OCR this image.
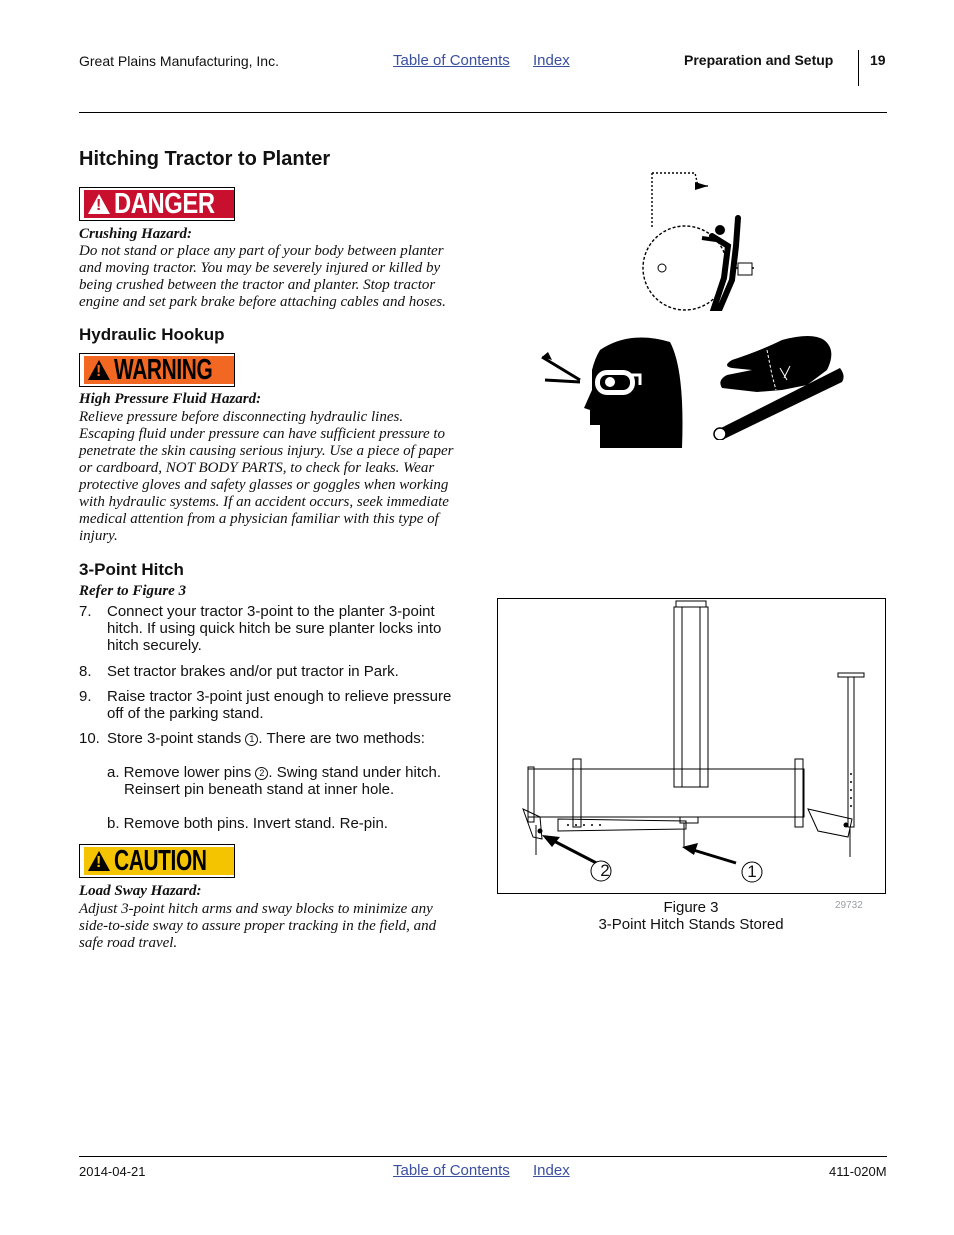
Great Plains Manufacturing, Inc.	Table of Contents Index	Preparation and Setup	19
Hitching Tractor to Planter
! DANGER
Crushing Hazard:
Do not stand or place any part of your body between planter
and moving tractor. You may be severely injured or killed by
being crushed between the tractor and planter. Stop tractor
engine and set park brake before attaching cables and hoses.
Hydraulic Hookup
! WARNING
High Pressure Fluid Hazard:
Relieve pressure before disconnecting hydraulic lines.
Escaping fluid under pressure can have sufficient pressure to
penetrate the skin causing serious injury. Use a piece of paper
or cardboard, NOT BODY PARTS, to check for leaks. Wear
protective gloves and safety glasses or goggles when working
with hydraulic systems. If an accident occurs, seek immediate
medical attention from a physician familiar with this type of
injury.
3-Point Hitch
Refer to Figure 3
7. Connect your tractor 3-point to the planter 3-point
hitch. If using quick hitch be sure planter locks into
hitch securely.
8. Set tractor brakes and/or put tractor in Park.
9. Raise tractor 3-point just enough to relieve pressure
off of the parking stand.
10. Store 3-point stands 1 . There are two methods:
a. Remove lower pins 2 . Swing stand under hitch.
Reinsert pin beneath stand at inner hole.
b. Remove both pins. Invert stand. Re-pin.
! CAUTION
Load Sway Hazard:
Adjust 3-point hitch arms and sway blocks to minimize any
side-to-side sway to assure proper tracking in the field, and
safe road travel.
2	1
Figure 3
3-Point Hitch Stands Stored
29732
2014-04-21	Table of Contents Index	411-020M
